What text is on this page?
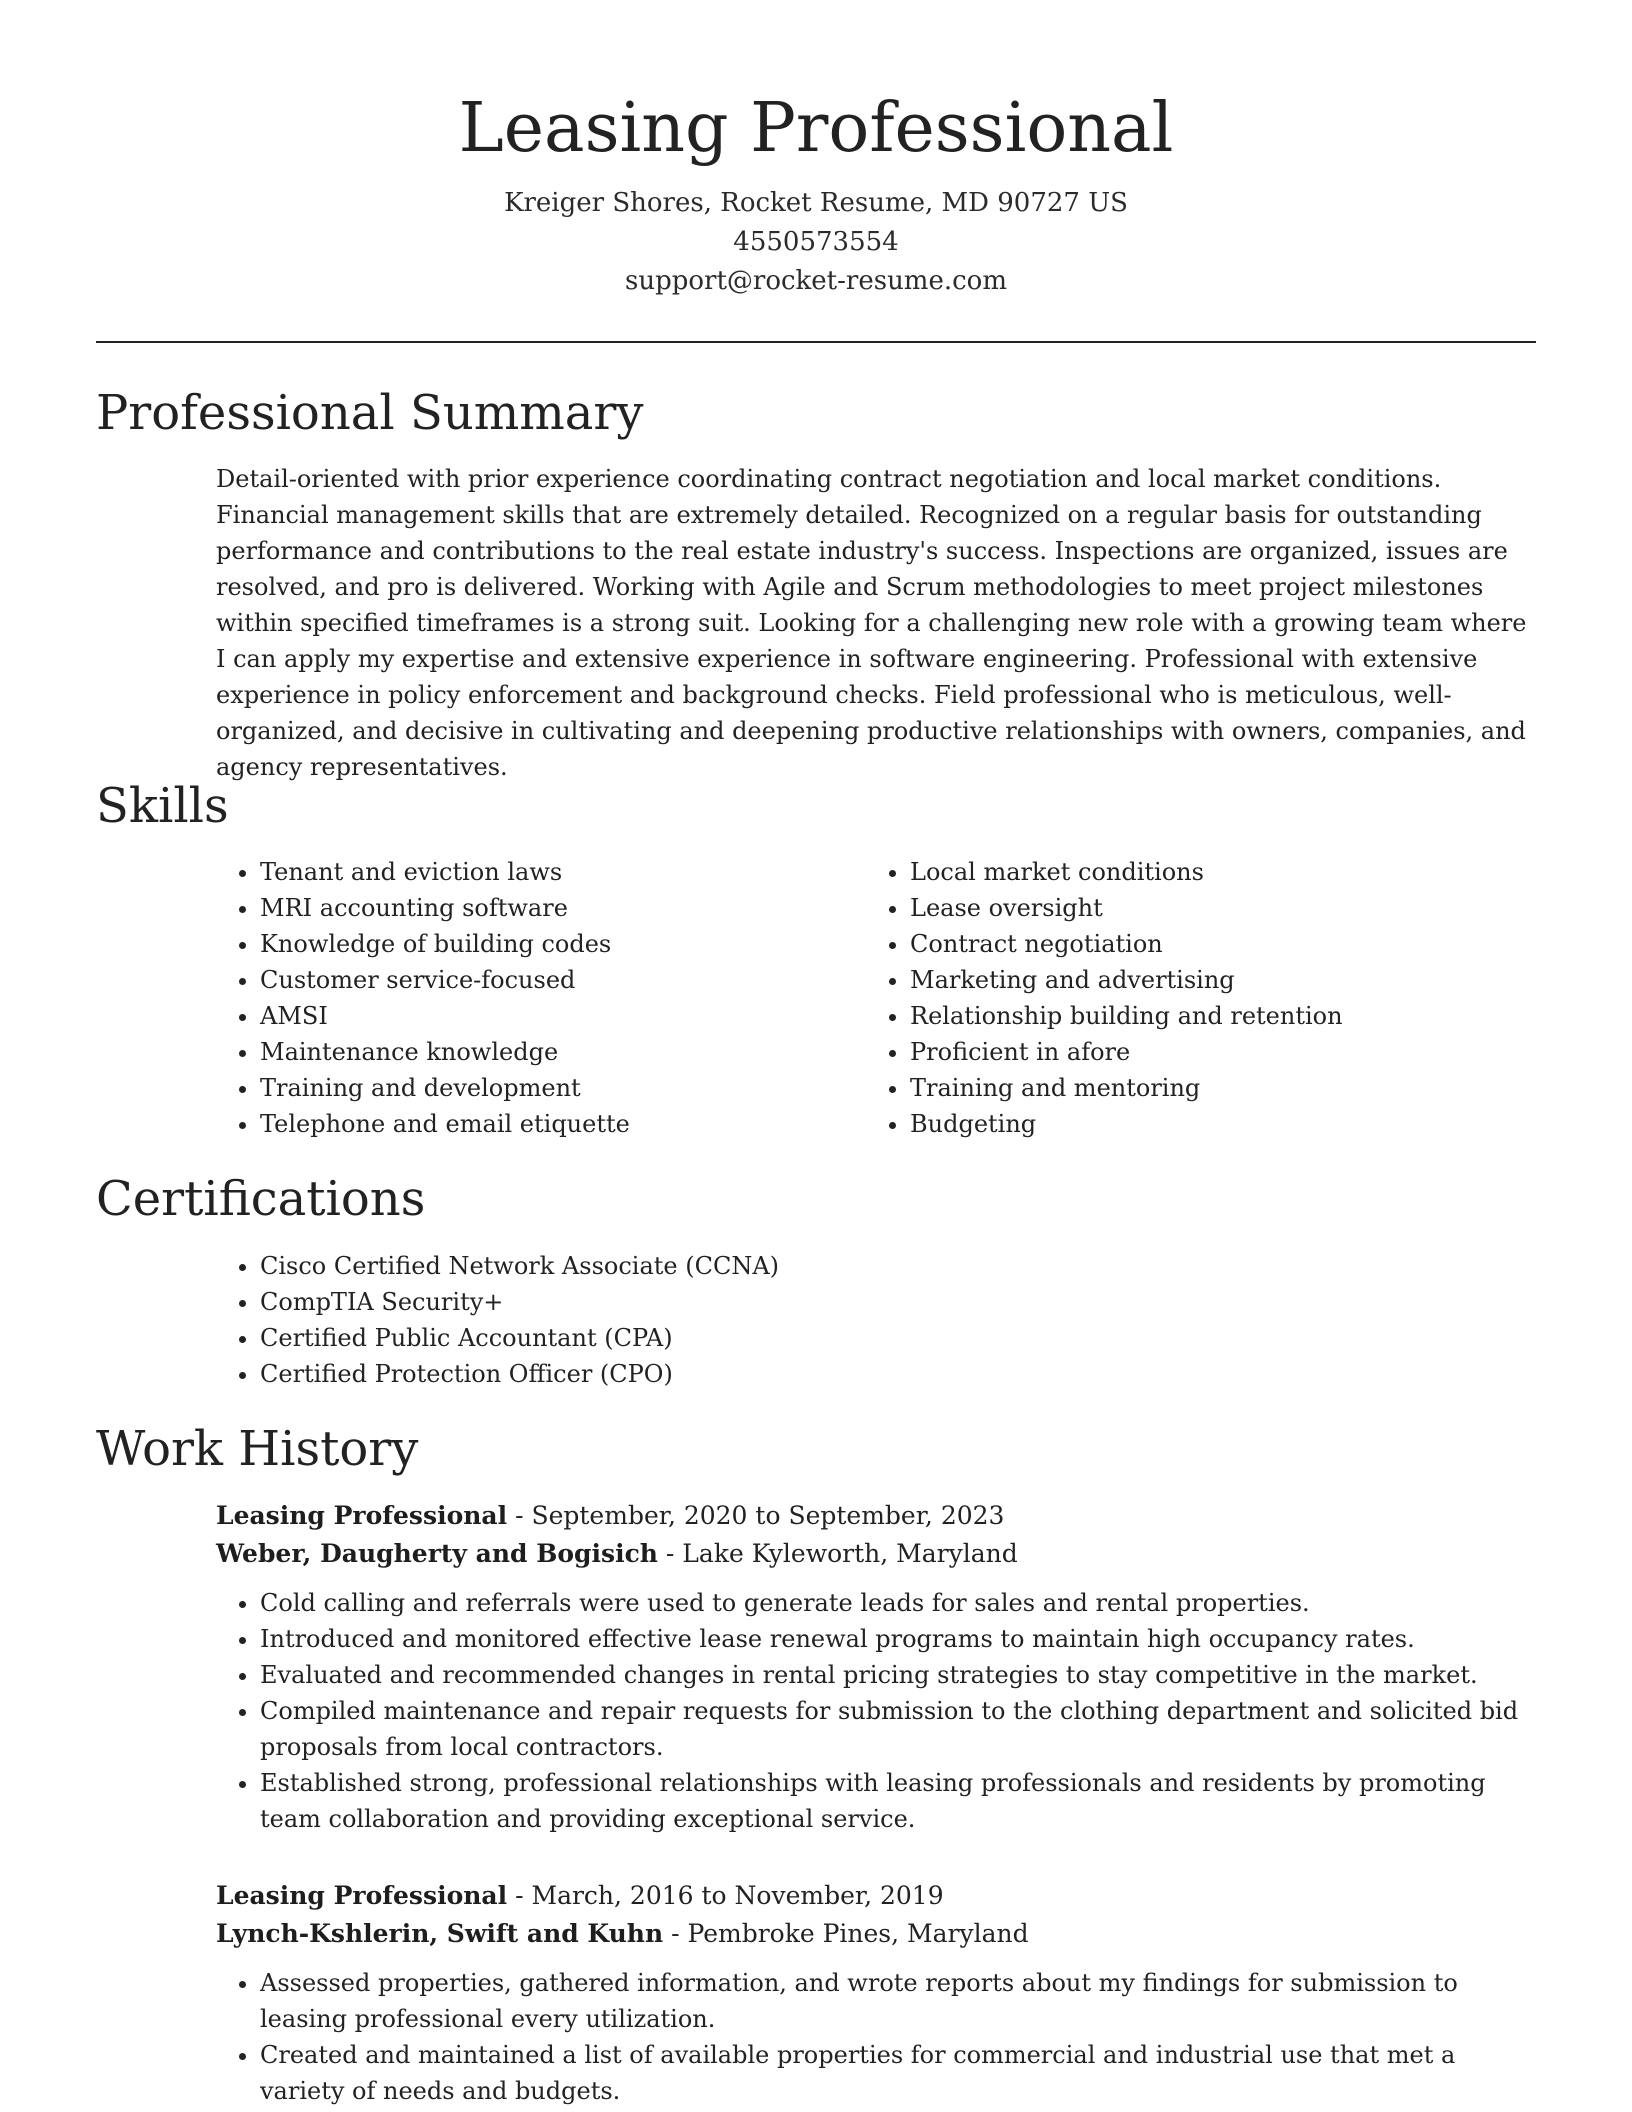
Leasing Professional
Kreiger Shores, Rocket Resume, MD 90727 US
4550573554
support@rocket-resume.com
Professional Summary

Detail-oriented with prior experience coordinating contract negotiation and local market conditions. Financial management skills that are extremely detailed. Recognized on a regular basis for outstanding performance and contributions to the real estate industry's success. Inspections are organized, issues are resolved, and pro is delivered. Working with Agile and Scrum methodologies to meet project milestones within specified timeframes is a strong suit. Looking for a challenging new role with a growing team where I can apply my expertise and extensive experience in software engineering. Professional with extensive experience in policy enforcement and background checks. Field professional who is meticulous, well-organized, and decisive in cultivating and deepening productive relationships with owners, companies, and agency representatives.

Skills
• Tenant and eviction laws
• MRI accounting software
• Knowledge of building codes
• Customer service-focused
• AMSI
• Maintenance knowledge
• Training and development
• Telephone and email etiquette
• Local market conditions
• Lease oversight
• Contract negotiation
• Marketing and advertising
• Relationship building and retention
• Proficient in afore
• Training and mentoring
• Budgeting
Certifications
• Cisco Certified Network Associate (CCNA)
• CompTIA Security+
• Certified Public Accountant (CPA)
• Certified Protection Officer (CPO)
Work History
Leasing Professional - September, 2020 to September, 2023
Weber, Daugherty and Bogisich - Lake Kyleworth, Maryland
• Cold calling and referrals were used to generate leads for sales and rental properties.
• Introduced and monitored effective lease renewal programs to maintain high occupancy rates.
• Evaluated and recommended changes in rental pricing strategies to stay competitive in the market.
• Compiled maintenance and repair requests for submission to the clothing department and solicited bid proposals from local contractors.
• Established strong, professional relationships with leasing professionals and residents by promoting team collaboration and providing exceptional service.
Leasing Professional - March, 2016 to November, 2019
Lynch-Kshlerin, Swift and Kuhn - Pembroke Pines, Maryland
• Assessed properties, gathered information, and wrote reports about my findings for submission to leasing professional every utilization.
• Created and maintained a list of available properties for commercial and industrial use that met a variety of needs and budgets.
